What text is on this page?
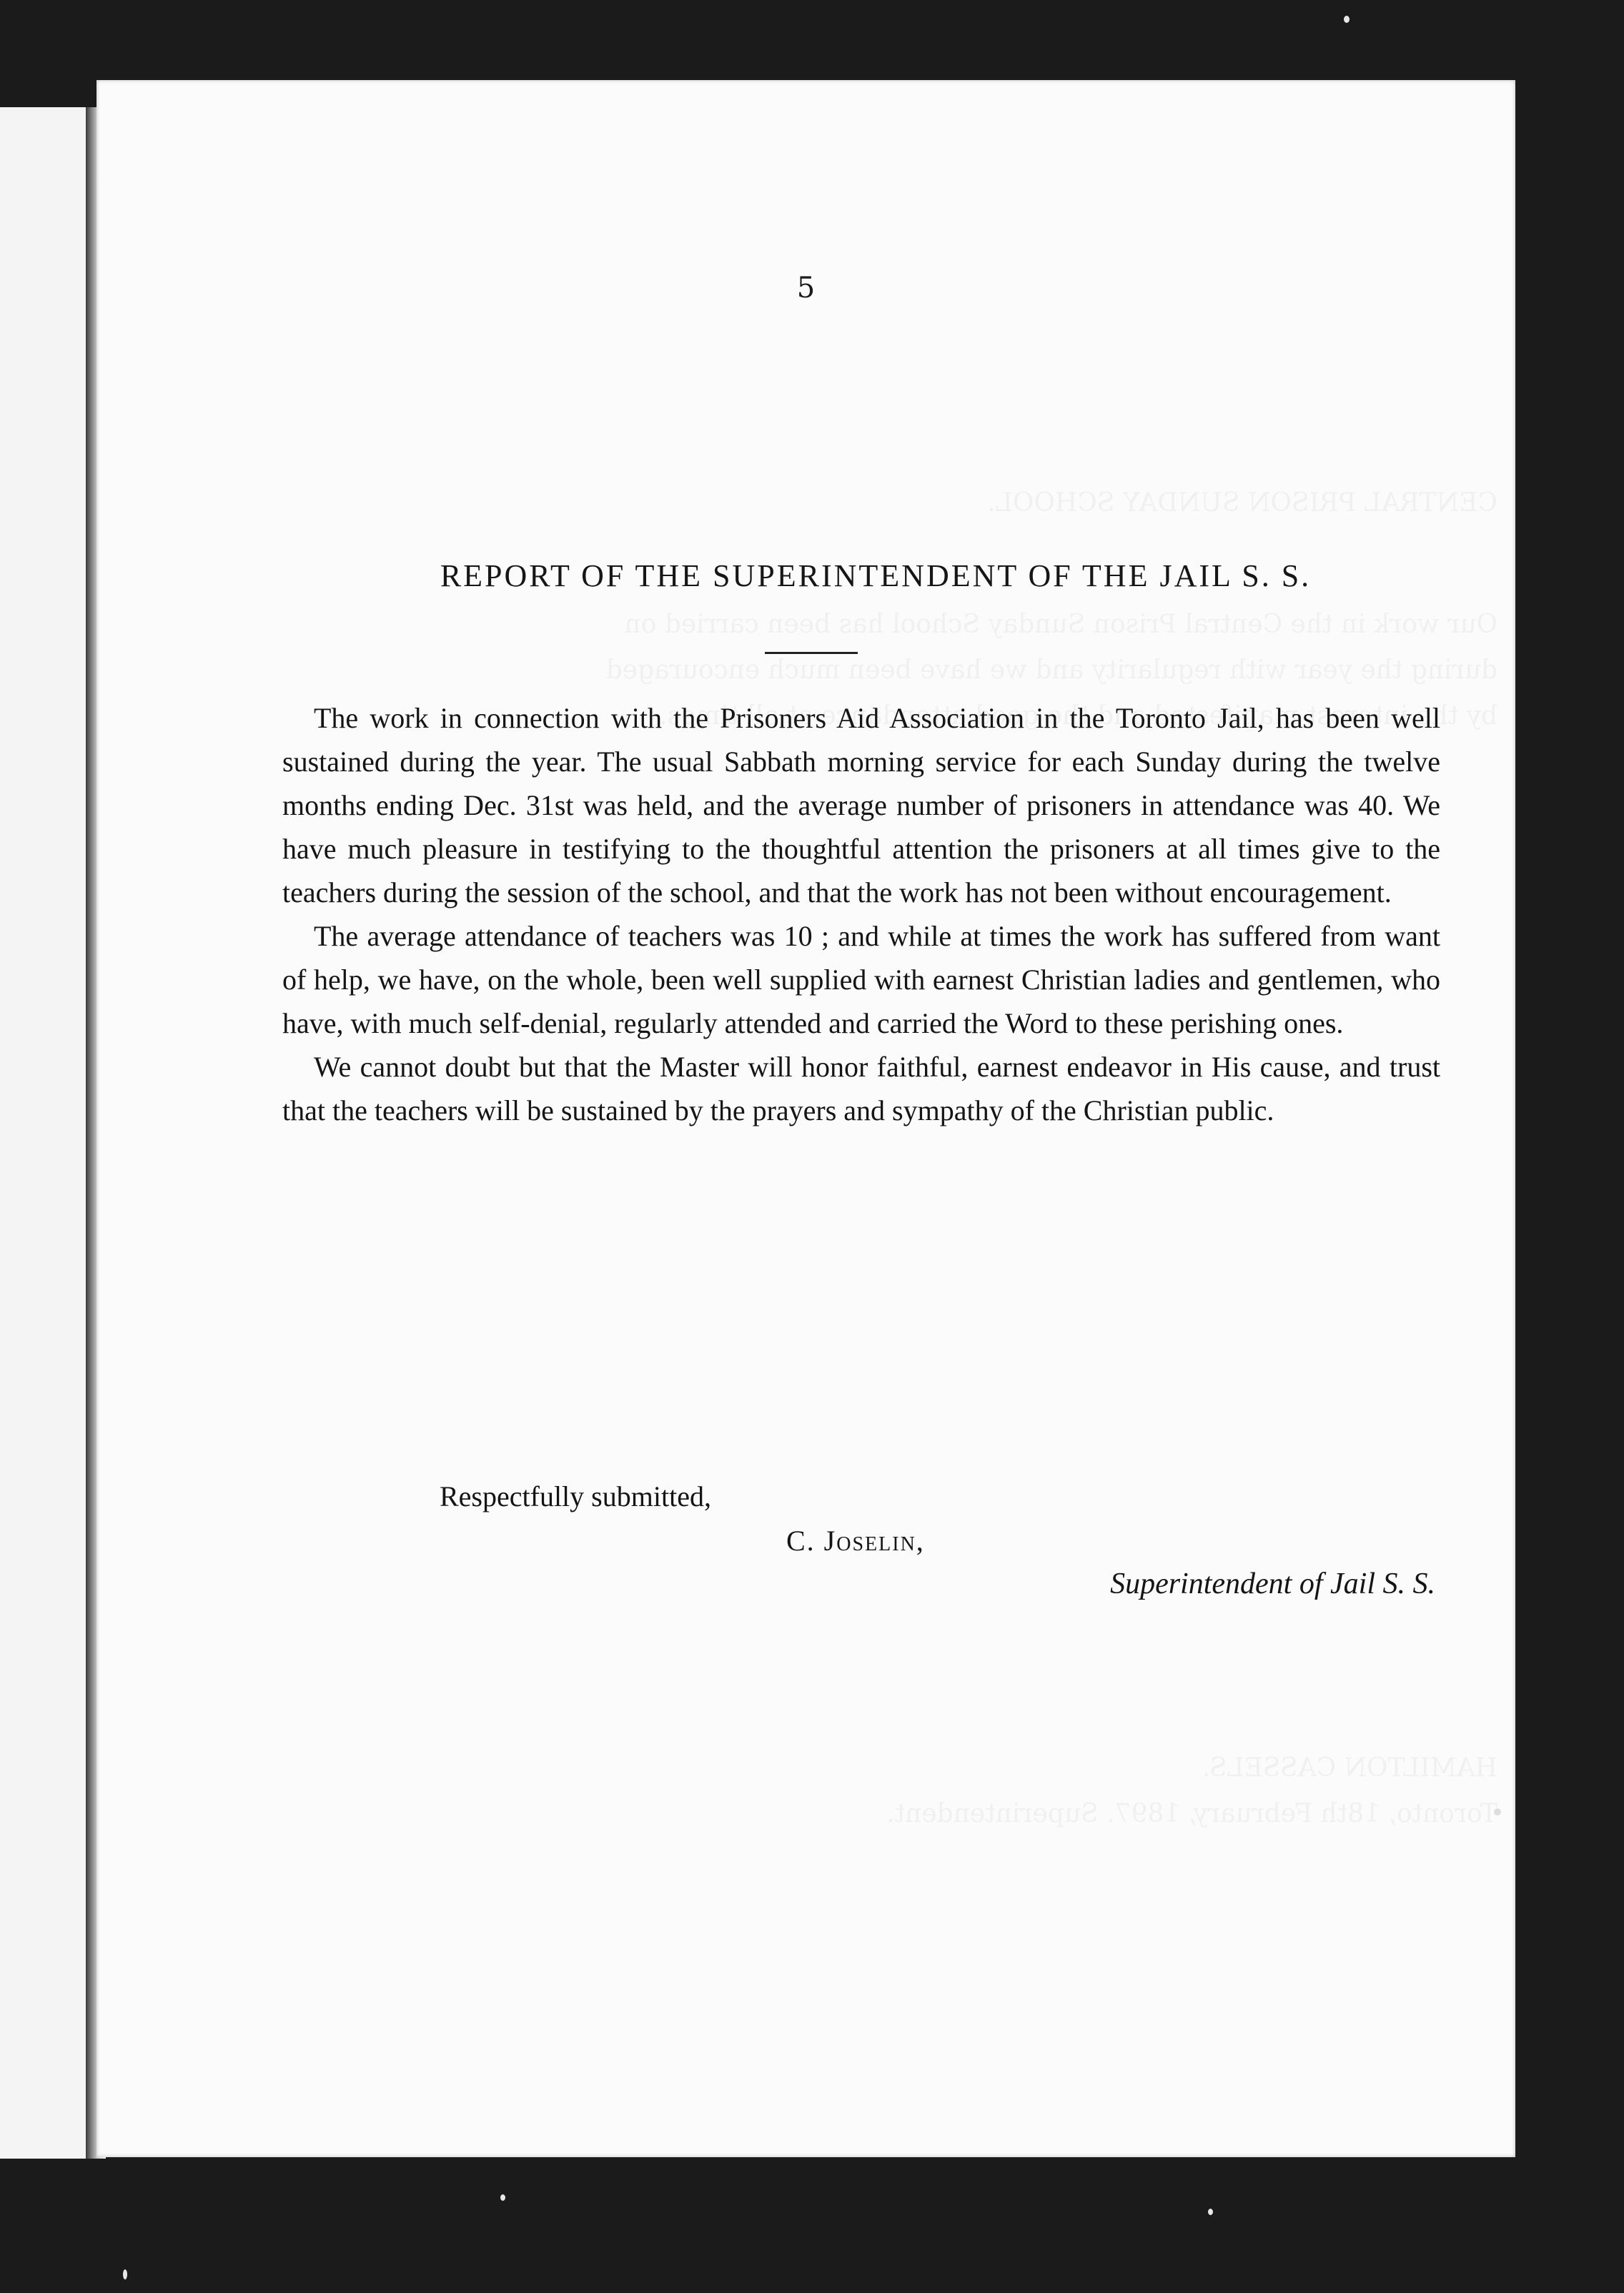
5
REPORT OF THE SUPERINTENDENT OF THE JAIL S. S.

The work in connection with the Prisoners Aid Association in the Toronto Jail, has been well sustained during the year. The usual Sabbath morning service for each Sunday during the twelve months ending Dec. 31st was held, and the average number of prisoners in attendance was 40. We have much pleasure in testifying to the thoughtful attention the prisoners at all times give to the teachers during the session of the school, and that the work has not been without encouragement.

The average attendance of teachers was 10 ; and while at times the work has suffered from want of help, we have, on the whole, been well supplied with earnest Christian ladies and gentlemen, who have, with much self-denial, regularly attended and carried the Word to these perishing ones.

We cannot doubt but that the Master will honor faithful, earnest endeavor in His cause, and trust that the teachers will be sustained by the prayers and sympathy of the Christian public.

Respectfully submitted,
C. Joselin,
Superintendent of Jail S. S.
